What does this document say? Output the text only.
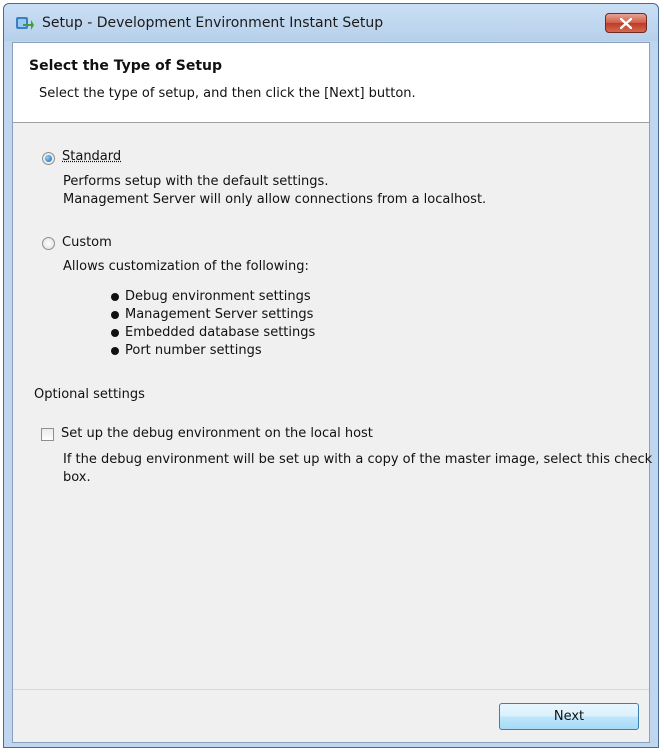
Setup - Development Environment Instant Setup
Select the Type of Setup
Select the type of setup, and then click the [Next] button.
Standard
Performs setup with the default settings.
Management Server will only allow connections from a localhost.
Custom
Allows customization of the following:
Debug environment settings
Management Server settings
Embedded database settings
Port number settings
Optional settings
Set up the debug environment on the local host
If the debug environment will be set up with a copy of the master image, select this check
box.
Next
